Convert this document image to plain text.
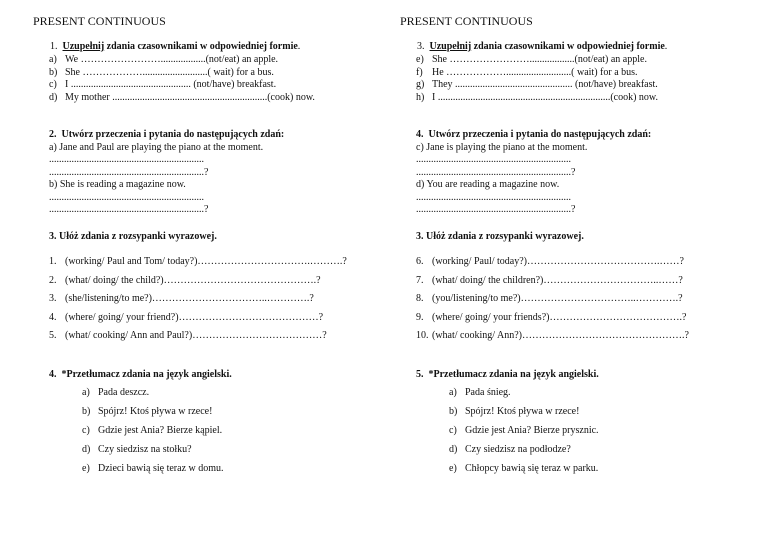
PRESENT CONTINUOUS
1. Uzupełnij zdania czasownikami w odpowiedniej formie.
a) We ……………………..................(not/eat) an apple.
b) She ………………..........................( wait) for a bus.
c) I ................................................ (not/have) breakfast.
d) My mother ..............................................................(cook) now.
2. Utwórz przeczenia i pytania do następujących zdań:
a) Jane and Paul are playing the piano at the moment.
..............................................................
..............................................................?
b) She is reading a magazine now.
..............................................................
..............................................................?
3. Ułóż zdania z rozsypanki wyrazowej.
1. (working/ Paul and Tom/ today?)…………………………….……….?
2. (what/ doing/ the child?)……………………………………….?
3. (she/listening/to me?)……………………………..………….?
4. (where/ going/ your friend?)……………………………………?
5. (what/ cooking/ Ann and Paul?)…………………………………?
4. *Przetłumacz zdania na język angielski.
a) Pada deszcz.
b) Spójrz! Ktoś pływa w rzece!
c) Gdzie jest Ania? Bierze kąpiel.
d) Czy siedzisz na stołku?
e) Dzieci bawią się teraz w domu.
PRESENT CONTINUOUS
3. Uzupełnij zdania czasownikami w odpowiedniej formie.
e) She ……………………..................(not/eat) an apple.
f) He ………………..........................( wait) for a bus.
g) They ............................................... (not/have) breakfast.
h) I .....................................................................(cook) now.
4. Utwórz przeczenia i pytania do następujących zdań:
c) Jane is playing the piano at the moment.
..............................................................
..............................................................?
d) You are reading a magazine now.
..............................................................
..............................................................?
3. Ułóż zdania z rozsypanki wyrazowej.
6. (working/ Paul/ today?)………………………………….……?
7. (what/ doing/ the children?)……………………………..……?
8. (you/listening/to me?)……………………………..………….?
9. (where/ going/ your friends?)………………………………….?
10. (what/ cooking/ Ann?)………………………………………….?
5. *Przetłumacz zdania na język angielski.
a) Pada śnieg.
b) Spójrz! Ktoś pływa w rzece!
c) Gdzie jest Ania? Bierze prysznic.
d) Czy siedzisz na podłodze?
e) Chłopcy bawią się teraz w parku.
